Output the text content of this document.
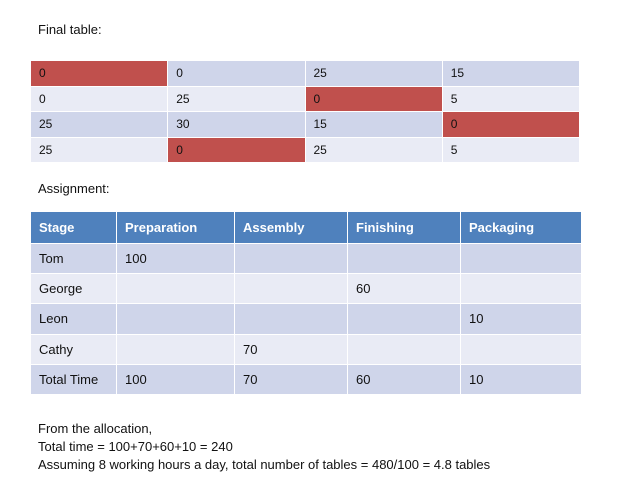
Final table:
0	0	25	15
0	25	0	5
25	30	15	0
25	0	25	5
Assignment:
Stage	Preparation	Assembly	Finishing	Packaging
Tom	100			
George			60	
Leon				10
Cathy		70		
Total Time	100	70	60	10
From the allocation,
Total time = 100+70+60+10 = 240
Assuming 8 working hours a day, total number of tables = 480/100 = 4.8 tables
